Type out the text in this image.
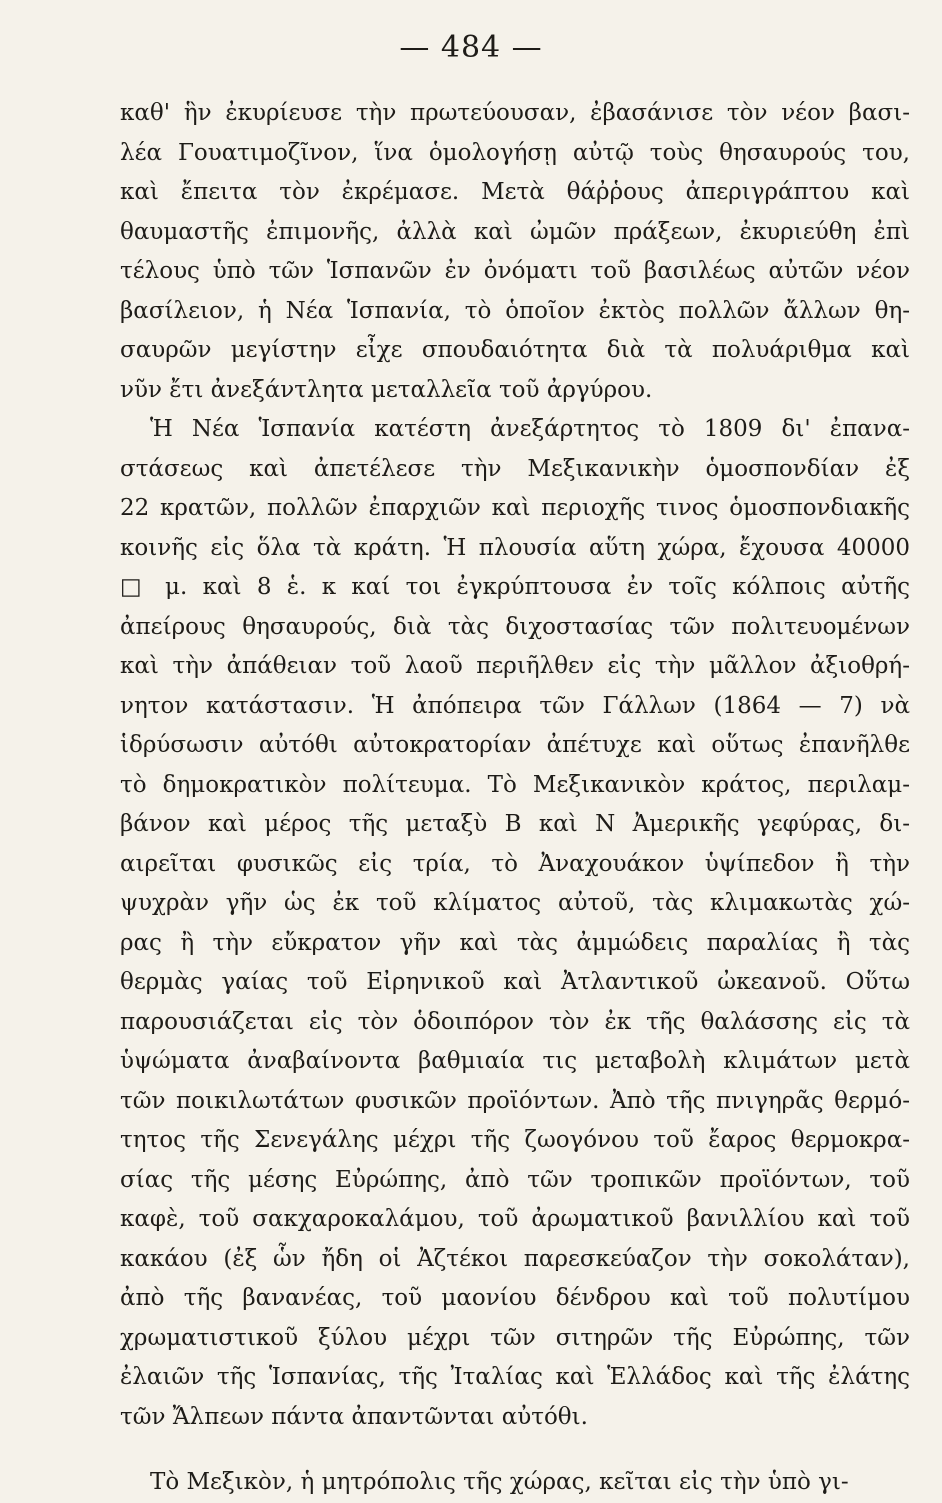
— 484 —
καθ' ἣν ἐκυρίευσε τὴν πρωτεύουσαν, ἐβασάνισε τὸν νέον βασι-
λέα Γουατιμοζῖνον, ἵνα ὁμολογήσῃ αὐτῷ τοὺς θησαυρούς του,
καὶ ἔπειτα τὸν ἐκρέμασε. Μετὰ θάῤῥους ἀπεριγράπτου καὶ
θαυμαστῆς ἐπιμονῆς, ἀλλὰ καὶ ὠμῶν πράξεων, ἐκυριεύθη ἐπὶ
τέλους ὑπὸ τῶν Ἱσπανῶν ἐν ὀνόματι τοῦ βασιλέως αὐτῶν νέον
βασίλειον, ἡ Νέα Ἱσπανία, τὸ ὁποῖον ἐκτὸς πολλῶν ἄλλων θη-
σαυρῶν μεγίστην εἶχε σπουδαιότητα διὰ τὰ πολυάριθμα καὶ
νῦν ἔτι ἀνεξάντλητα μεταλλεῖα τοῦ ἀργύρου.
Ἡ Νέα Ἱσπανία κατέστη ἀνεξάρτητος τὸ 1809 δι' ἐπανα-
στάσεως καὶ ἀπετέλεσε τὴν Μεξικανικὴν ὁμοσπονδίαν ἐξ
22 κρατῶν, πολλῶν ἐπαρχιῶν καὶ περιοχῆς τινος ὁμοσπονδιακῆς
κοινῆς εἰς ὅλα τὰ κράτη. Ἡ πλουσία αὕτη χώρα, ἔχουσα 40000
□ μ. καὶ 8 ἑ. κ καί τοι ἐγκρύπτουσα ἐν τοῖς κόλποις αὐτῆς
ἀπείρους θησαυρούς, διὰ τὰς διχοστασίας τῶν πολιτευομένων
καὶ τὴν ἀπάθειαν τοῦ λαοῦ περιῆλθεν εἰς τὴν μᾶλλον ἀξιοθρή-
νητον κατάστασιν. Ἡ ἀπόπειρα τῶν Γάλλων (1864 — 7) νὰ
ἱδρύσωσιν αὐτόθι αὐτοκρατορίαν ἀπέτυχε καὶ οὕτως ἐπανῆλθε
τὸ δημοκρατικὸν πολίτευμα. Τὸ Μεξικανικὸν κράτος, περιλαμ-
βάνον καὶ μέρος τῆς μεταξὺ Β καὶ Ν Ἀμερικῆς γεφύρας, δι-
αιρεῖται φυσικῶς εἰς τρία, τὸ Ἀναχουάκον ὑψίπεδον ἢ τὴν
ψυχρὰν γῆν ὡς ἐκ τοῦ κλίματος αὐτοῦ, τὰς κλιμακωτὰς χώ-
ρας ἢ τὴν εὔκρατον γῆν καὶ τὰς ἀμμώδεις παραλίας ἢ τὰς
θερμὰς γαίας τοῦ Εἰρηνικοῦ καὶ Ἀτλαντικοῦ ὠκεανοῦ. Οὕτω
παρουσιάζεται εἰς τὸν ὁδοιπόρον τὸν ἐκ τῆς θαλάσσης εἰς τὰ
ὑψώματα ἀναβαίνοντα βαθμιαία τις μεταβολὴ κλιμάτων μετὰ
τῶν ποικιλωτάτων φυσικῶν προϊόντων. Ἀπὸ τῆς πνιγηρᾶς θερμό-
τητος τῆς Σενεγάλης μέχρι τῆς ζωογόνου τοῦ ἔαρος θερμοκρα-
σίας τῆς μέσης Εὐρώπης, ἀπὸ τῶν τροπικῶν προϊόντων, τοῦ
καφὲ, τοῦ σακχαροκαλάμου, τοῦ ἀρωματικοῦ βανιλλίου καὶ τοῦ
κακάου (ἐξ ὧν ἤδη οἱ Ἀζτέκοι παρεσκεύαζον τὴν σοκολάταν),
ἀπὸ τῆς βανανέας, τοῦ μαονίου δένδρου καὶ τοῦ πολυτίμου
χρωματιστικοῦ ξύλου μέχρι τῶν σιτηρῶν τῆς Εὐρώπης, τῶν
ἐλαιῶν τῆς Ἱσπανίας, τῆς Ἰταλίας καὶ Ἑλλάδος καὶ τῆς ἐλάτης
τῶν Ἄλπεων πάντα ἀπαντῶνται αὐτόθι.
Τὸ Μεξικὸν, ἡ μητρόπολις τῆς χώρας, κεῖται εἰς τὴν ὑπὸ γι-
